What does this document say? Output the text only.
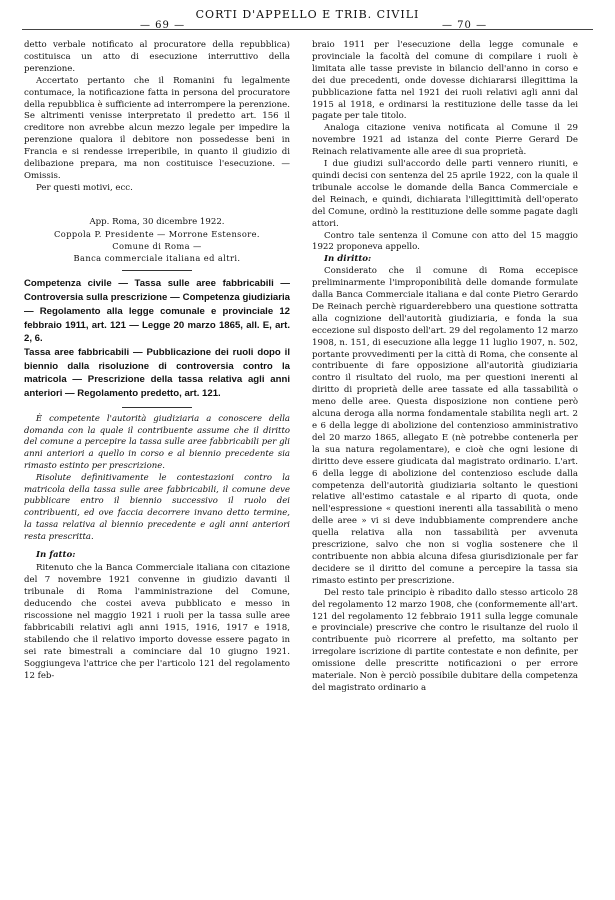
— 69 —
CORTI D'APPELLO E TRIB. CIVILI
— 70 —

detto verbale notificato al procuratore della repubblica) costituisca un atto di esecuzione interruttivo della perenzione.

Accertato pertanto che il Romanini fu legalmente contumace, la notificazione fatta in persona del procuratore della repubblica è sufficiente ad interrompere la perenzione. Se altrimenti venisse interpretato il predetto art. 156 il creditore non avrebbe alcun mezzo legale per impedire la perenzione qualora il debitore non possedesse beni in Francia e si rendesse irreperibile, in quanto il giudizio di delibazione prepara, ma non costituisce l'esecuzione. — Omissis.

Per questi motivi, ecc.

App. Roma, 30 dicembre 1922.

Coppola P. Presidente — Morrone Estensore.

Comune di Roma —

Banca commerciale italiana ed altri.

Competenza civile — Tassa sulle aree fabbricabili — Controversia sulla prescrizione — Competenza giudiziaria — Regolamento alla legge comunale e provinciale 12 febbraio 1911, art. 121 — Legge 20 marzo 1865, all. E, art. 2, 6.

Tassa aree fabbricabili — Pubblicazione dei ruoli dopo il biennio dalla risoluzione di controversia contro la matricola — Prescrizione della tassa relativa agli anni anteriori — Regolamento predetto, art. 121.

È competente l'autorità giudiziaria a conoscere della domanda con la quale il contribuente assume che il diritto del comune a percepire la tassa sulle aree fabbricabili per gli anni anteriori a quello in corso e al biennio precedente sia rimasto estinto per prescrizione.

Risolute definitivamente le contestazioni contro la matricola della tassa sulle aree fabbricabili, il comune deve pubblicare entro il biennio successivo il ruolo dei contribuenti, ed ove faccia decorrere invano detto termine, la tassa relativa al biennio precedente e agli anni anteriori resta prescritta.

In fatto:

Ritenuto che la Banca Commerciale italiana con citazione del 7 novembre 1921 convenne in giudizio davanti il tribunale di Roma l'amministrazione del Comune, deducendo che costei aveva pubblicato e messo in riscossione nel maggio 1921 i ruoli per la tassa sulle aree fabbricabili relativi agli anni 1915, 1916, 1917 e 1918, stabilendo che il relativo importo dovesse essere pagato in sei rate bimestrali a cominciare dal 10 giugno 1921. Soggiungeva l'attrice che per l'articolo 121 del regolamento 12 feb-

braio 1911 per l'esecuzione della legge comunale e provinciale la facoltà del comune di compilare i ruoli è limitata alle tasse previste in bilancio dell'anno in corso e dei due precedenti, onde dovesse dichiararsi illegittima la pubblicazione fatta nel 1921 dei ruoli relativi agli anni dal 1915 al 1918, e ordinarsi la restituzione delle tasse da lei pagate per tale titolo.

Analoga citazione veniva notificata al Comune il 29 novembre 1921 ad istanza del conte Pierre Gerard De Reinach relativamente alle aree di sua proprietà.

I due giudizi sull'accordo delle parti vennero riuniti, e quindi decisi con sentenza del 25 aprile 1922, con la quale il tribunale accolse le domande della Banca Commerciale e del Reinach, e quindi, dichiarata l'illegittimità dell'operato del Comune, ordinò la restituzione delle somme pagate dagli attori.

Contro tale sentenza il Comune con atto del 15 maggio 1922 proponeva appello.

In diritto:

Considerato che il comune di Roma eccepisce preliminarmente l'improponibilità delle domande formulate dalla Banca Commerciale italiana e dal conte Pietro Gerardo De Reinach perchè riguarderebbero una questione sottratta alla cognizione dell'autorità giudiziaria, e fonda la sua eccezione sul disposto dell'art. 29 del regolamento 12 marzo 1908, n. 151, di esecuzione alla legge 11 luglio 1907, n. 502, portante provvedimenti per la città di Roma, che consente al contribuente di fare opposizione all'autorità giudiziaria contro il risultato del ruolo, ma per questioni inerenti al diritto di proprietà delle aree tassate ed alla tassabilità o meno delle aree. Questa disposizione non contiene però alcuna deroga alla norma fondamentale stabilita negli art. 2 e 6 della legge di abolizione del contenzioso amministrativo del 20 marzo 1865, allegato E (nè potrebbe contenerla per la sua natura regolamentare), e cioè che ogni lesione di diritto deve essere giudicata dal magistrato ordinario. L'art. 6 della legge di abolizione del contenzioso esclude dalla competenza dell'autorità giudiziaria soltanto le questioni relative all'estimo catastale e al riparto di quota, onde nell'espressione « questioni inerenti alla tassabilità o meno delle aree » vi si deve indubbiamente comprendere anche quella relativa alla non tassabilità per avvenuta prescrizione, salvo che non si voglia sostenere che il contribuente non abbia alcuna difesa giurisdizionale per far decidere se il diritto del comune a percepire la tassa sia rimasto estinto per prescrizione.

Del resto tale principio è ribadito dallo stesso articolo 28 del regolamento 12 marzo 1908, che (conformemente all'art. 121 del regolamento 12 febbraio 1911 sulla legge comunale e provinciale) prescrive che contro le risultanze del ruolo il contribuente può ricorrere al prefetto, ma soltanto per irregolare iscrizione di partite contestate e non definite, per omissione delle prescritte notificazioni o per errore materiale. Non è perciò possibile dubitare della competenza del magistrato ordinario a
